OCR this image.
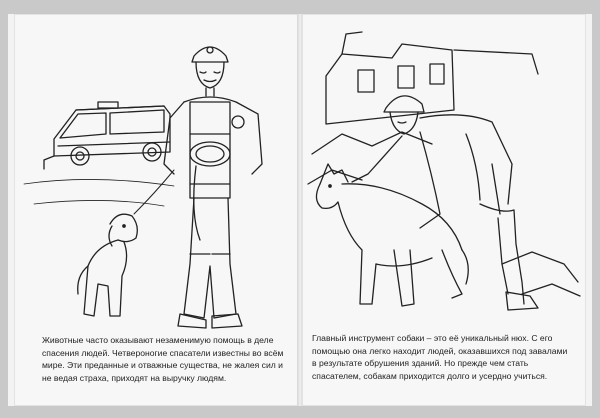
Животные часто оказывают незаменимую помощь в деле спасения людей. Четвероногие спасатели известны во всём мире. Эти преданные и отважные существа, не жалея сил и не ведая страха, приходят на выручку людям.

Главный инструмент собаки – это её уникальный нюх. С его помощью она легко находит людей, оказавшихся под завалами в результате обрушения зданий. Но прежде чем стать спасателем, собакам приходится долго и усердно учиться.
